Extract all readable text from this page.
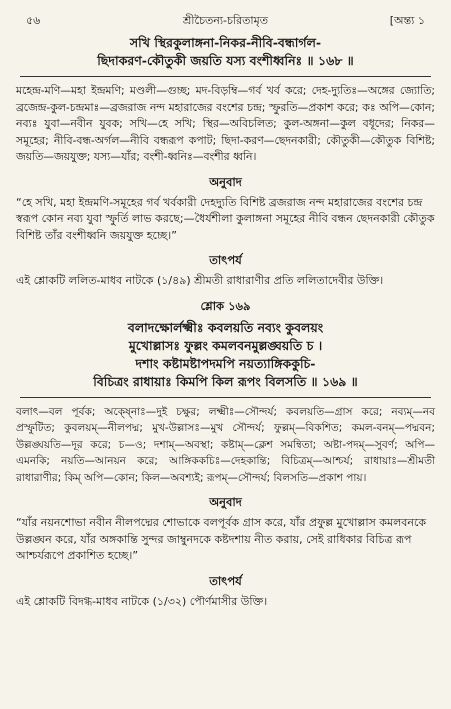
৫৬	শ্রীচৈতন্য-চরিতামৃত	[অন্ত্য ১
সখি স্থিরকুলাঙ্গনা-নিকর-নীবি-বন্ধার্গল-
ছিদাকরণ-কৌতুকী জয়তি যস্য বংশীধ্বনিঃ ॥ ১৬৮ ॥
মহেন্দ্র-মণি—মহা ইন্দ্রমণি; মণ্ডলী—গুচ্ছ; মদ-বিড়ম্বি—গর্ব খর্ব করে; দেহ-দ্যুতিঃ—অঙ্গের জ্যোতি; ব্রজেন্দ্র-কুল-চন্দ্রমাঃ—ব্রজরাজ নন্দ মহারাজের বংশের চন্দ্র; স্ফুরতি—প্রকাশ করে; কঃ অপি—কোন; নব্যঃ যুবা—নবীন যুবক; সখি—হে সখি; স্থির—অবিচলিত; কুল-অঙ্গনা—কুল বধূদের; নিকর—সমূহের; নীবি-বন্ধ-অর্গল—নীবি বন্ধরূপ কপাট; ছিদা-করণ—ছেদনকারী; কৌতুকী—কৌতুক বিশিষ্ট; জয়তি—জয়যুক্ত; যস্য—যাঁর; বংশী-ধ্বনিঃ—বংশীর ধ্বনি।
অনুবাদ
“হে সখি, মহা ইন্দ্রমণি-সমূহের গর্ব খর্বকারী দেহদ্যুতি বিশিষ্ট ব্রজরাজ নন্দ মহারাজের বংশের চন্দ্র স্বরূপ কোন নব্য যুবা স্ফুর্তি লাভ করছে;—ধৈর্যশীলা কুলাঙ্গনা সমূহের নীবি বন্ধন ছেদনকারী কৌতুক বিশিষ্ট তাঁর বংশীধ্বনি জয়যুক্ত হচ্ছে।”
তাৎপর্য
এই শ্লোকটি ললিত-মাধব নাটকে (১/৪৯) শ্রীমতী রাধারাণীর প্রতি ললিতাদেবীর উক্তি।
শ্লোক ১৬৯
বলাদক্ষোর্লক্ষ্মীঃ কবলয়তি নব্যং কুবলয়ং
মুখোল্লাসঃ ফুল্লং কমলবনমুল্লঙ্ঘয়তি চ ।
দশাং কষ্টামষ্টাপদমপি নয়ত্যাঙ্গিককুচি-
বিচিত্রং রাধায়াঃ কিমপি কিল রূপং বিলসতি ॥ ১৬৯ ॥
বলাৎ—বল পূর্বক; অক্ষ্নোঃ—দুই চক্ষুর; লক্ষ্মীঃ—সৌন্দর্য; কবলয়তি—গ্রাস করে; নব্যম্—নব প্রস্ফুটিত; কুবলয়ম্—নীলপদ্ম; মুখ-উল্লাসঃ—মুখ সৌন্দর্য; ফুল্লম্—বিকশিত; কমল-বনম্—পদ্মবন; উল্লঙ্ঘয়তি—দূর করে; চ—ও; দশাম্—অবস্থা; কষ্টাম্—ক্লেশ সমন্বিতা; অষ্টা-পদম্—সুবর্ণ; অপি—এমনকি; নয়তি—আনয়ন করে; আঙ্গিককচিঃ—দেহকান্তি; বিচিত্রম্—আশ্চর্য; রাধায়াঃ—শ্রীমতী রাধারাণীর; কিম্ অপি—কোন; কিল—অবশ্যই; রূপম্—সৌন্দর্য; বিলসতি—প্রকাশ পায়।
অনুবাদ
“যাঁর নয়নশোভা নবীন নীলপদ্মের শোভাকে বলপূর্বক গ্রাস করে, যাঁর প্রফুল্ল মুখোল্লাস কমলবনকে উল্লঙ্ঘন করে, যাঁর অঙ্গকান্তি সুন্দর জাম্বুনদকে কষ্টদশায় নীত করায়, সেই রাধিকার বিচিত্র রূপ আশ্চর্যরূপে প্রকাশিত হচ্ছে।”
তাৎপর্য
এই শ্লোকটি বিদগ্ধ-মাধব নাটকে (১/৩২) পৌর্ণমাসীর উক্তি।
